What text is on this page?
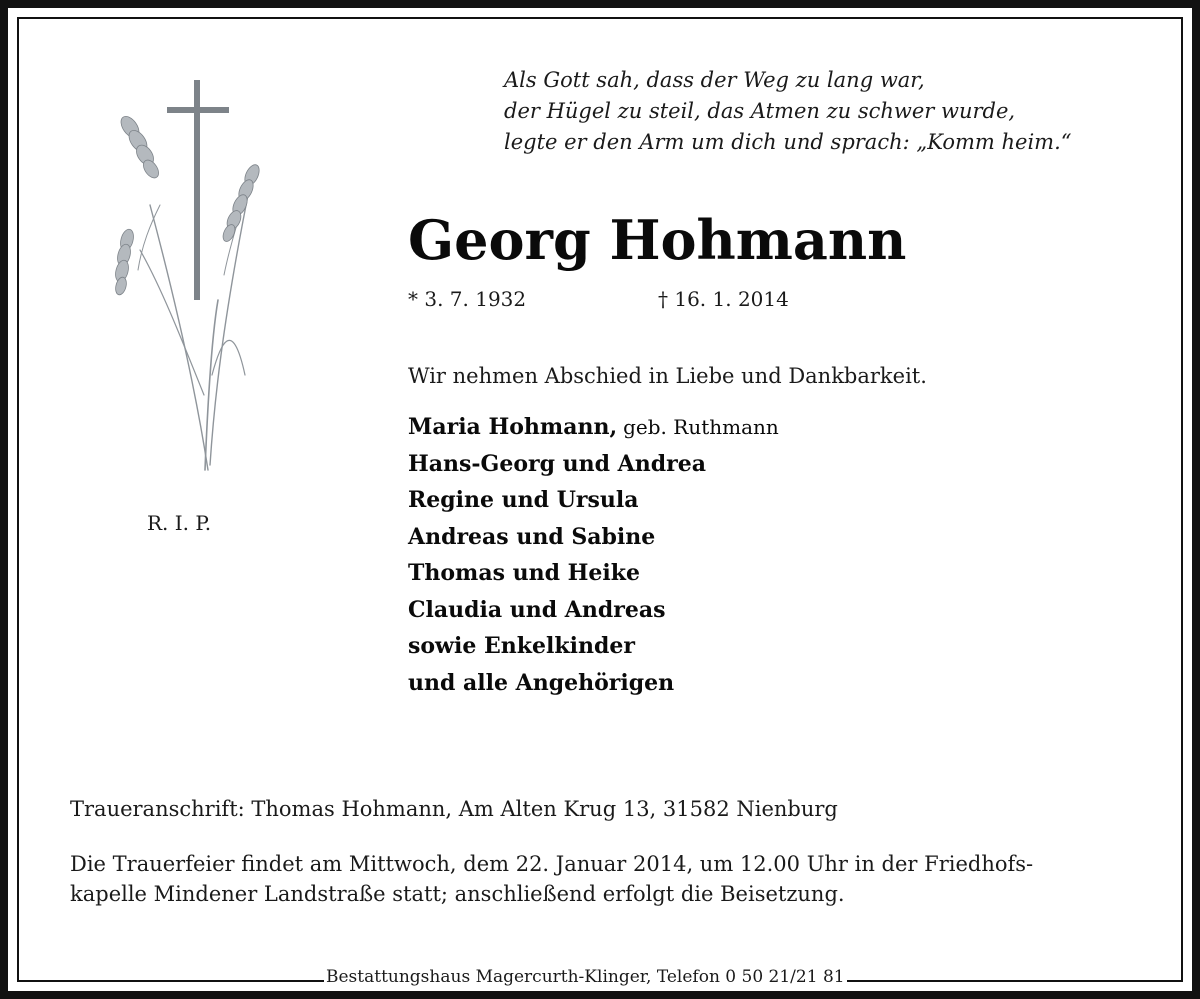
Als Gott sah, dass der Weg zu lang war,
der Hügel zu steil, das Atmen zu schwer wurde,
legte er den Arm um dich und sprach: „Komm heim.“
R. I. P.
Georg Hohmann
* 3. 7. 1932	† 16. 1. 2014
Wir nehmen Abschied in Liebe und Dankbarkeit.
Maria Hohmann, geb. Ruthmann
Hans-Georg und Andrea
Regine und Ursula
Andreas und Sabine
Thomas und Heike
Claudia und Andreas
sowie Enkelkinder
und alle Angehörigen
Traueranschrift: Thomas Hohmann, Am Alten Krug 13, 31582 Nienburg
Die Trauerfeier findet am Mittwoch, dem 22. Januar 2014, um 12.00 Uhr in der Friedhofs-
kapelle Mindener Landstraße statt; anschließend erfolgt die Beisetzung.
Bestattungshaus Magercurth-Klinger, Telefon 0 50 21/21 81
